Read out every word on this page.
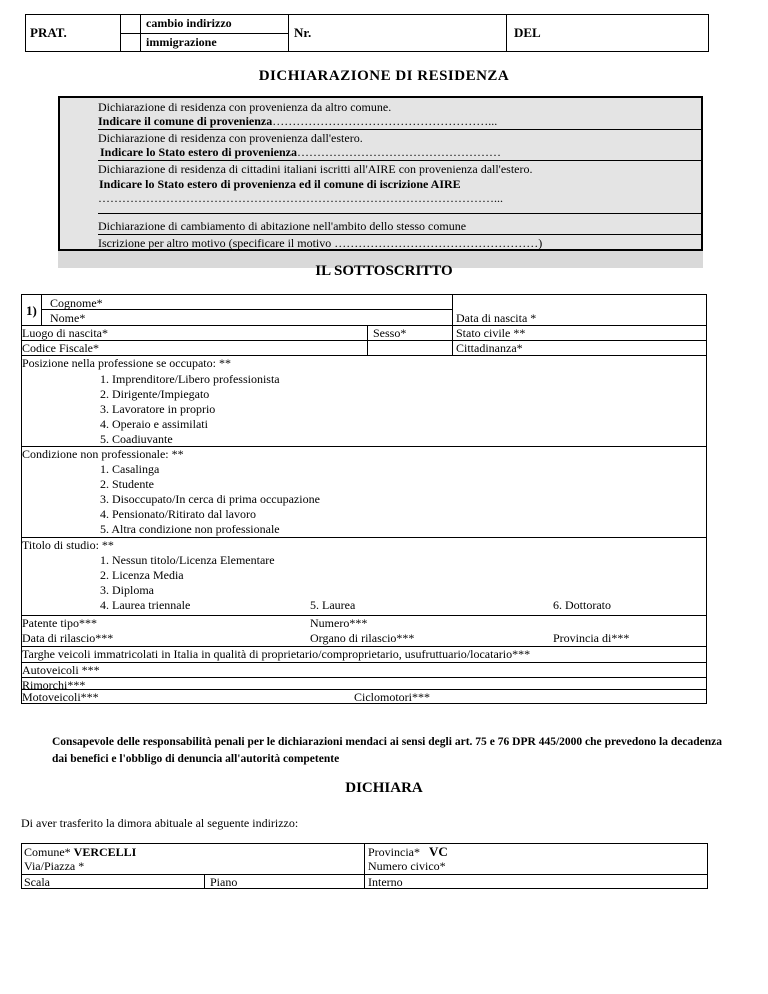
PRAT.
cambio indirizzo
immigrazione
Nr.	DEL
DICHIARAZIONE DI RESIDENZA
Dichiarazione di residenza con provenienza da altro comune.
Indicare il comune di provenienza………………………………………………...
Dichiarazione di residenza con provenienza dall'estero.
Indicare lo Stato estero di provenienza……………………………………………
Dichiarazione di residenza di cittadini italiani iscritti all'AIRE con provenienza dall'estero.
Indicare lo Stato estero di provenienza ed il comune di iscrizione AIRE
………………………………………………………………………………………...
Dichiarazione di cambiamento di abitazione nell'ambito dello stesso comune
Iscrizione per altro motivo (specificare il motivo ……………………………………………)
IL SOTTOSCRITTO
1) Cognome*
Nome*	Data di nascita *
Luogo di nascita*	Sesso*	Stato civile **
Codice Fiscale*	Cittadinanza*
Posizione nella professione se occupato: **
1. Imprenditore/Libero professionista
2. Dirigente/Impiegato
3. Lavoratore in proprio
4. Operaio e assimilati
5. Coadiuvante
Condizione non professionale: **
1. Casalinga
2. Studente
3. Disoccupato/In cerca di prima occupazione
4. Pensionato/Ritirato dal lavoro
5. Altra condizione non professionale
Titolo di studio: **
1. Nessun titolo/Licenza Elementare
2. Licenza Media
3. Diploma
4. Laurea triennale	5. Laurea	6. Dottorato
Patente tipo***	Numero***
Data di rilascio***	Organo di rilascio***	Provincia di***
Targhe veicoli immatricolati in Italia in qualità di proprietario/comproprietario, usufruttuario/locatario***
Autoveicoli ***
Rimorchi***
Motoveicoli***	Ciclomotori***
Consapevole delle responsabilità penali per le dichiarazioni mendaci ai sensi degli art. 75 e 76 DPR 445/2000 che prevedono la decadenza dai benefici e l'obbligo di denuncia all'autorità competente
DICHIARA
Di aver trasferito la dimora abituale al seguente indirizzo:
Comune* VERCELLI	Provincia* VC
Via/Piazza *	Numero civico*
Scala	Piano	Interno
